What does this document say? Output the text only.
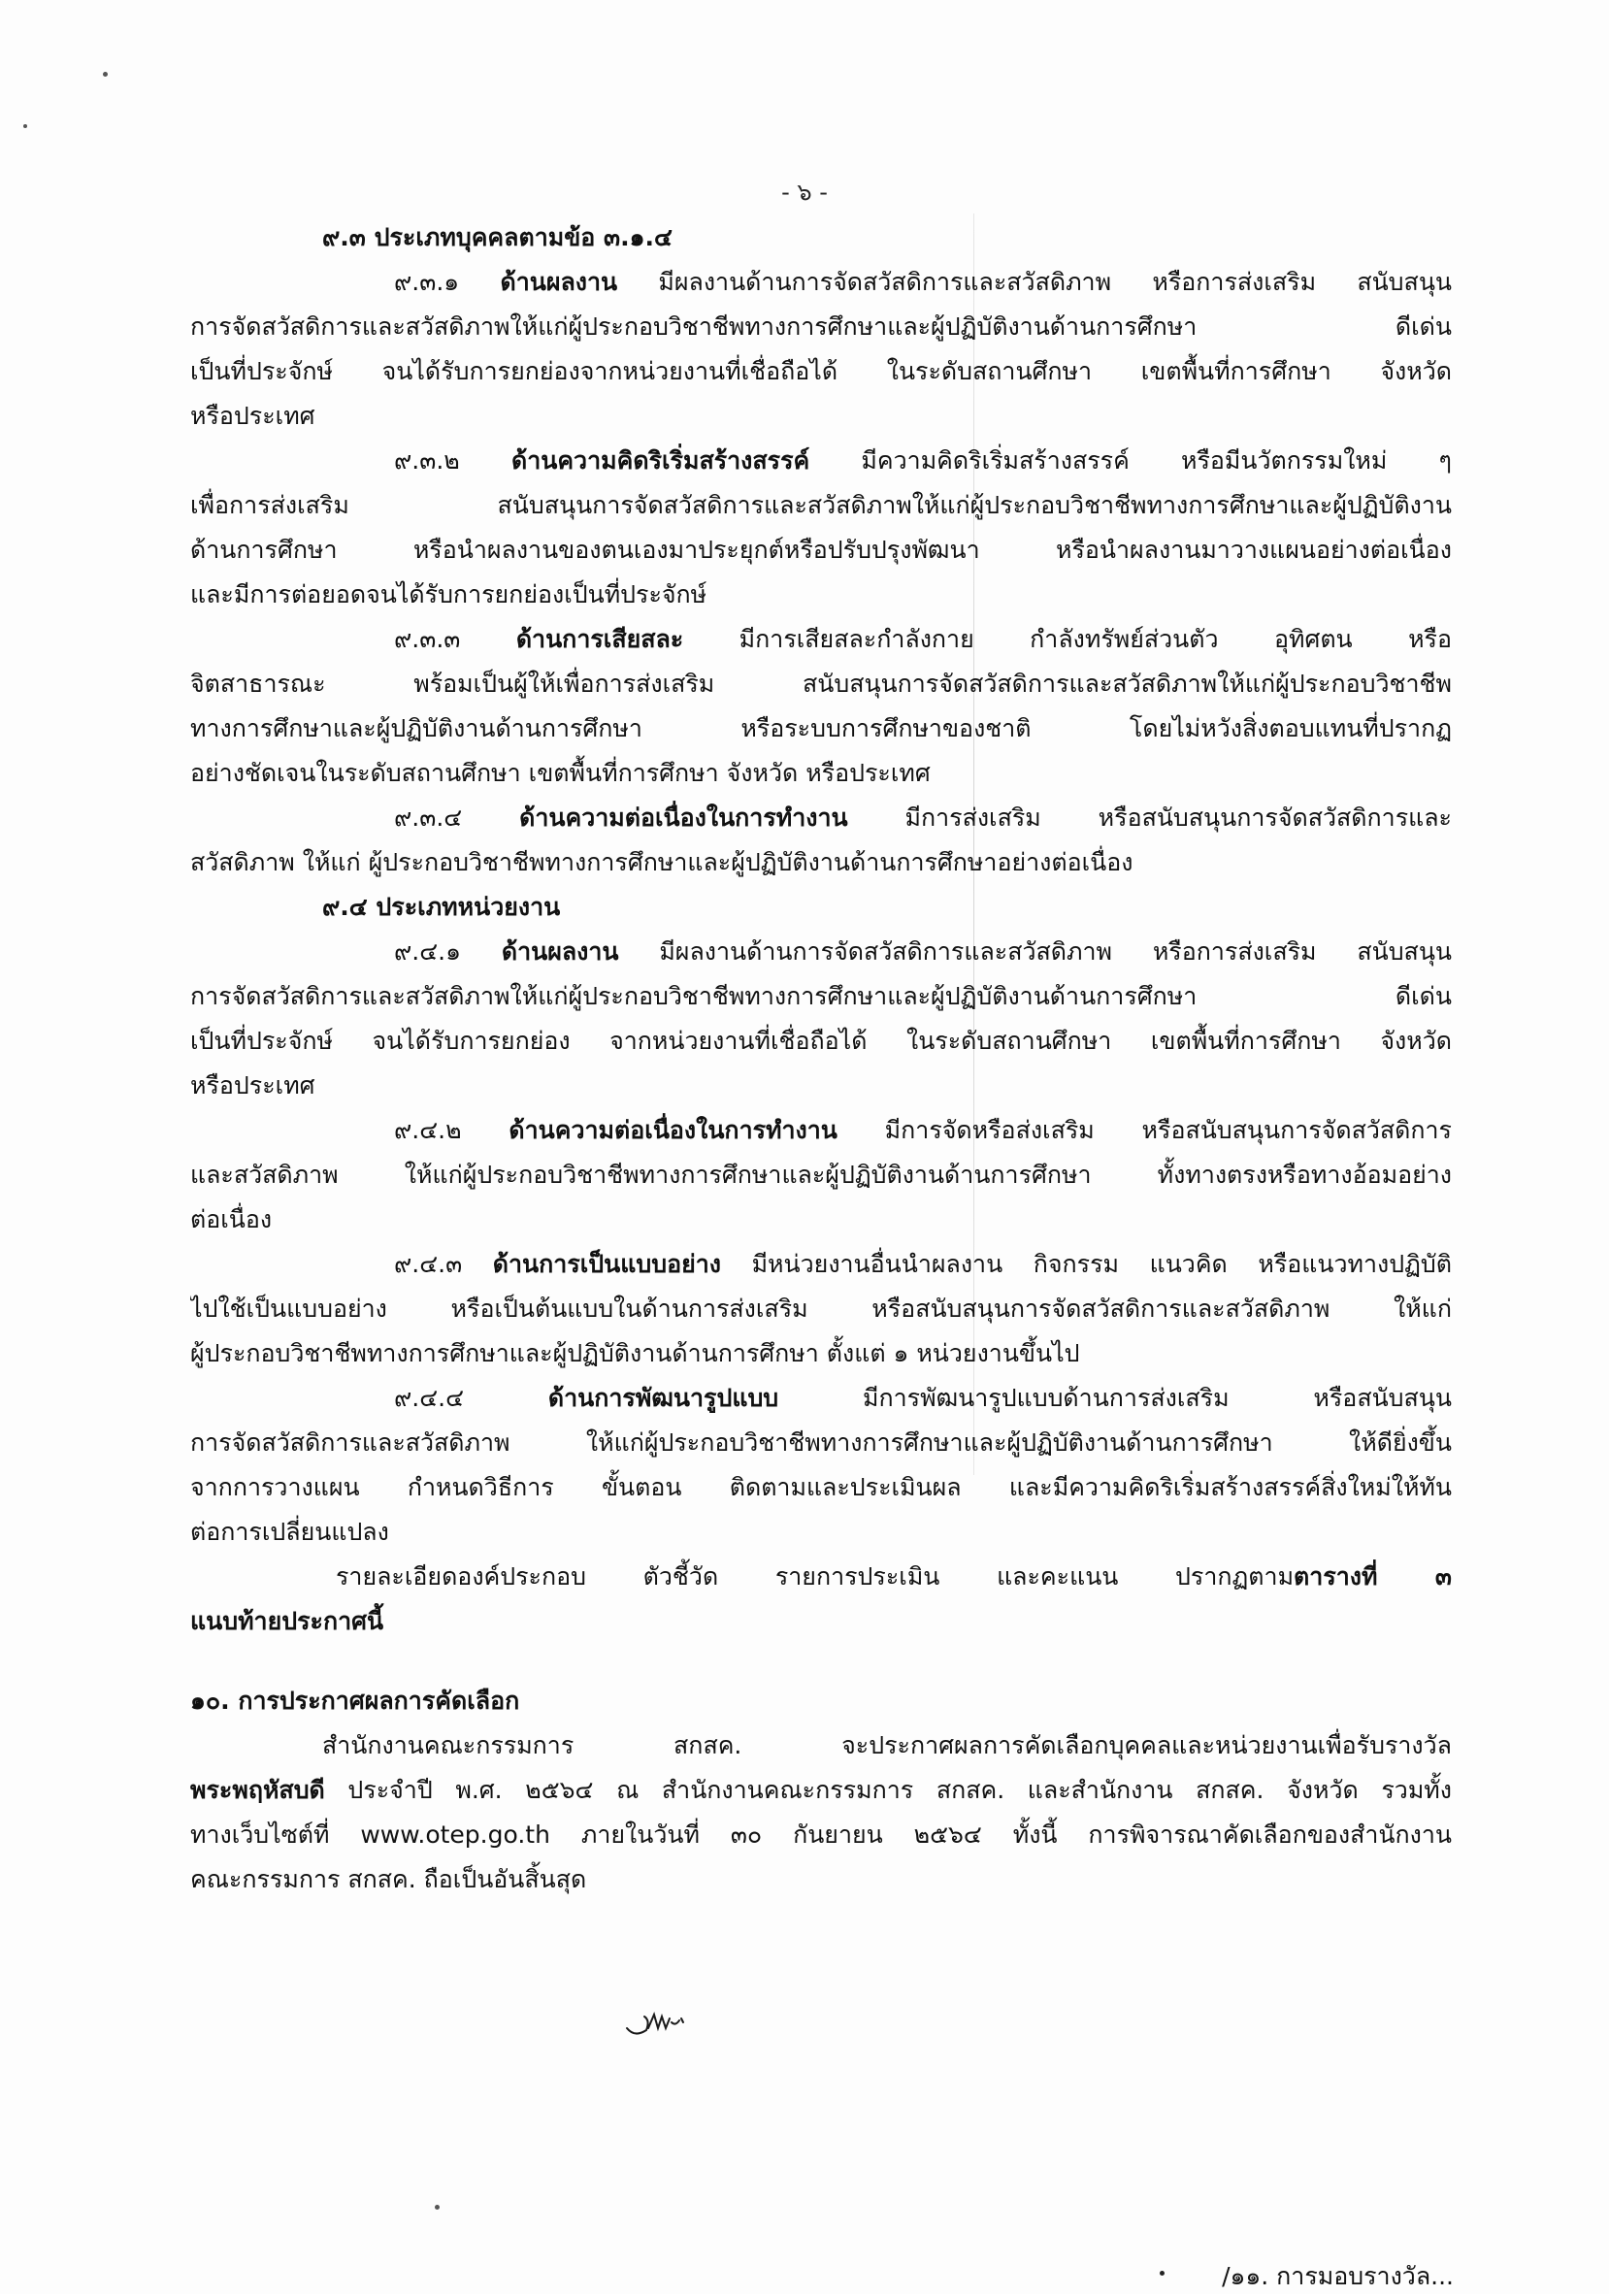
- ๖ -
๙.๓ ประเภทบุคคลตามข้อ ๓.๑.๔
๙.๓.๑ ด้านผลงาน มีผลงานด้านการจัดสวัสดิการและสวัสดิภาพ หรือการส่งเสริม สนับสนุน
การจัดสวัสดิการและสวัสดิภาพให้แก่ผู้ประกอบวิชาชีพทางการศึกษาและผู้ปฏิบัติงานด้านการศึกษา ดีเด่น
เป็นที่ประจักษ์ จนได้รับการยกย่องจากหน่วยงานที่เชื่อถือได้ ในระดับสถานศึกษา เขตพื้นที่การศึกษา จังหวัด
หรือประเทศ
๙.๓.๒ ด้านความคิดริเริ่มสร้างสรรค์ มีความคิดริเริ่มสร้างสรรค์ หรือมีนวัตกรรมใหม่ ๆ
เพื่อการส่งเสริม สนับสนุนการจัดสวัสดิการและสวัสดิภาพให้แก่ผู้ประกอบวิชาชีพทางการศึกษาและผู้ปฏิบัติงาน
ด้านการศึกษา หรือนำผลงานของตนเองมาประยุกต์หรือปรับปรุงพัฒนา หรือนำผลงานมาวางแผนอย่างต่อเนื่อง
และมีการต่อยอดจนได้รับการยกย่องเป็นที่ประจักษ์
๙.๓.๓ ด้านการเสียสละ มีการเสียสละกำลังกาย กำลังทรัพย์ส่วนตัว อุทิศตน หรือ
จิตสาธารณะ พร้อมเป็นผู้ให้เพื่อการส่งเสริม สนับสนุนการจัดสวัสดิการและสวัสดิภาพให้แก่ผู้ประกอบวิชาชีพ
ทางการศึกษาและผู้ปฏิบัติงานด้านการศึกษา หรือระบบการศึกษาของชาติ โดยไม่หวังสิ่งตอบแทนที่ปรากฏ
อย่างชัดเจนในระดับสถานศึกษา เขตพื้นที่การศึกษา จังหวัด หรือประเทศ
๙.๓.๔ ด้านความต่อเนื่องในการทำงาน มีการส่งเสริม หรือสนับสนุนการจัดสวัสดิการและ
สวัสดิภาพ ให้แก่ ผู้ประกอบวิชาชีพทางการศึกษาและผู้ปฏิบัติงานด้านการศึกษาอย่างต่อเนื่อง
๙.๔ ประเภทหน่วยงาน
๙.๔.๑ ด้านผลงาน มีผลงานด้านการจัดสวัสดิการและสวัสดิภาพ หรือการส่งเสริม สนับสนุน
การจัดสวัสดิการและสวัสดิภาพให้แก่ผู้ประกอบวิชาชีพทางการศึกษาและผู้ปฏิบัติงานด้านการศึกษา ดีเด่น
เป็นที่ประจักษ์ จนได้รับการยกย่อง จากหน่วยงานที่เชื่อถือได้ ในระดับสถานศึกษา เขตพื้นที่การศึกษา จังหวัด
หรือประเทศ
๙.๔.๒ ด้านความต่อเนื่องในการทำงาน มีการจัดหรือส่งเสริม หรือสนับสนุนการจัดสวัสดิการ
และสวัสดิภาพ ให้แก่ผู้ประกอบวิชาชีพทางการศึกษาและผู้ปฏิบัติงานด้านการศึกษา ทั้งทางตรงหรือทางอ้อมอย่าง
ต่อเนื่อง
๙.๔.๓ ด้านการเป็นแบบอย่าง มีหน่วยงานอื่นนำผลงาน กิจกรรม แนวคิด หรือแนวทางปฏิบัติ
ไปใช้เป็นแบบอย่าง หรือเป็นต้นแบบในด้านการส่งเสริม หรือสนับสนุนการจัดสวัสดิการและสวัสดิภาพ ให้แก่
ผู้ประกอบวิชาชีพทางการศึกษาและผู้ปฏิบัติงานด้านการศึกษา ตั้งแต่ ๑ หน่วยงานขึ้นไป
๙.๔.๔ ด้านการพัฒนารูปแบบ มีการพัฒนารูปแบบด้านการส่งเสริม หรือสนับสนุน
การจัดสวัสดิการและสวัสดิภาพ ให้แก่ผู้ประกอบวิชาชีพทางการศึกษาและผู้ปฏิบัติงานด้านการศึกษา ให้ดียิ่งขึ้น
จากการวางแผน กำหนดวิธีการ ขั้นตอน ติดตามและประเมินผล และมีความคิดริเริ่มสร้างสรรค์สิ่งใหม่ให้ทัน
ต่อการเปลี่ยนแปลง
รายละเอียดองค์ประกอบ ตัวชี้วัด รายการประเมิน และคะแนน ปรากฏตามตารางที่ ๓
แนบท้ายประกาศนี้
๑๐. การประกาศผลการคัดเลือก
สำนักงานคณะกรรมการ สกสค. จะประกาศผลการคัดเลือกบุคคลและหน่วยงานเพื่อรับรางวัล
พระพฤหัสบดี ประจำปี พ.ศ. ๒๕๖๔ ณ สำนักงานคณะกรรมการ สกสค. และสำนักงาน สกสค. จังหวัด รวมทั้ง
ทางเว็บไซต์ที่ www.otep.go.th ภายในวันที่ ๓๐ กันยายน ๒๕๖๔ ทั้งนี้ การพิจารณาคัดเลือกของสำนักงาน
คณะกรรมการ สกสค. ถือเป็นอันสิ้นสุด
/๑๑. การมอบรางวัล...
